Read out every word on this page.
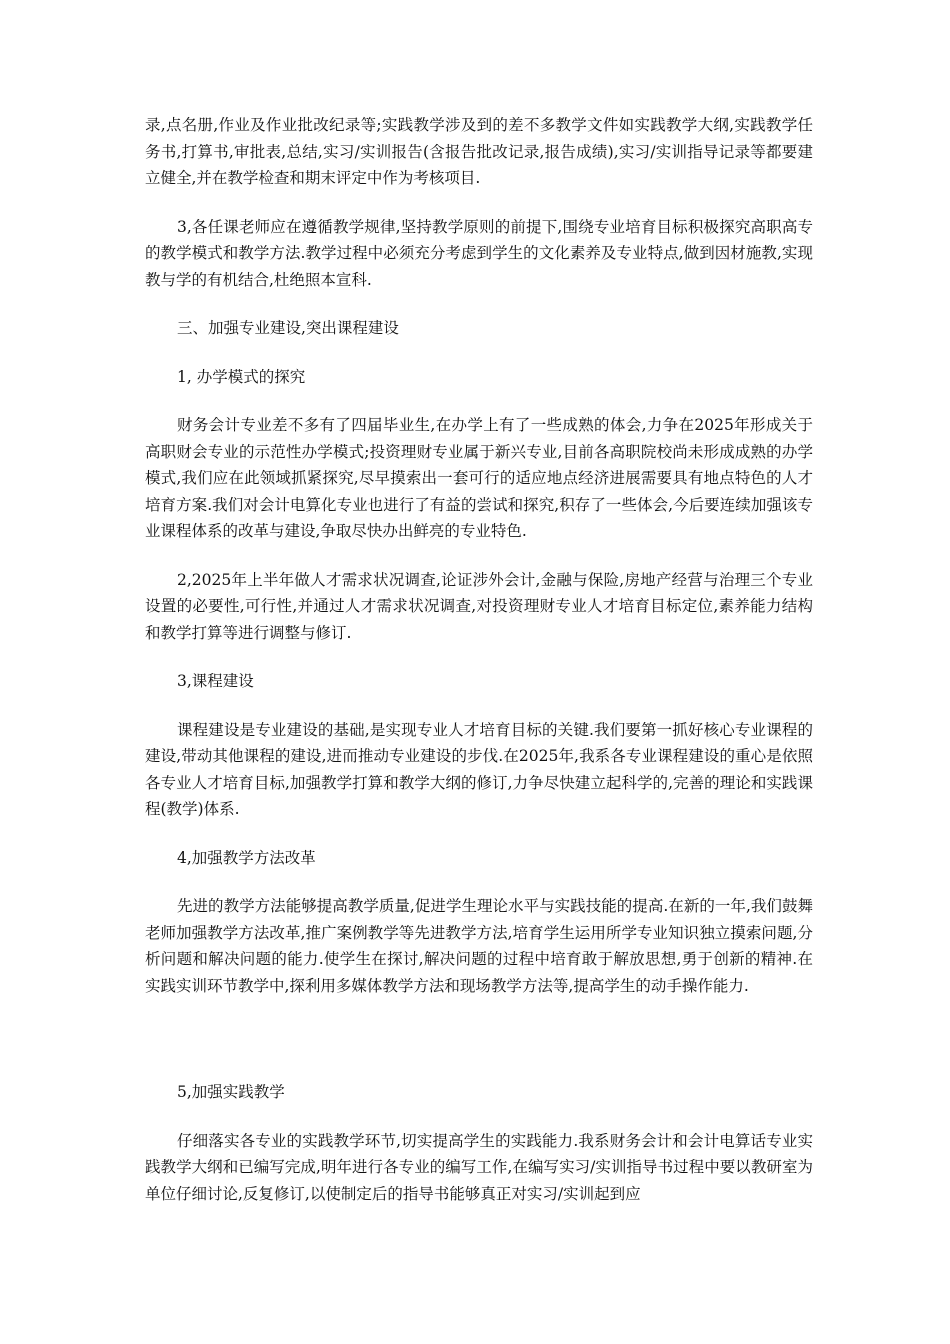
录,点名册,作业及作业批改纪录等;实践教学涉及到的差不多教学文件如实践教学大纲,实践教学任务书,打算书,审批表,总结,实习/实训报告(含报告批改记录,报告成绩),实习/实训指导记录等都要建立健全,并在教学检查和期末评定中作为考核项目.

3,各任课老师应在遵循教学规律,坚持教学原则的前提下,围绕专业培育目标积极探究高职高专的教学模式和教学方法.教学过程中必须充分考虑到学生的文化素养及专业特点,做到因材施教,实现教与学的有机结合,杜绝照本宣科.

三、加强专业建设,突出课程建设

1, 办学模式的探究

财务会计专业差不多有了四届毕业生,在办学上有了一些成熟的体会,力争在2025年形成关于高职财会专业的示范性办学模式;投资理财专业属于新兴专业,目前各高职院校尚未形成成熟的办学模式,我们应在此领域抓紧探究,尽早摸索出一套可行的适应地点经济进展需要具有地点特色的人才培育方案.我们对会计电算化专业也进行了有益的尝试和探究,积存了一些体会,今后要连续加强该专业课程体系的改革与建设,争取尽快办出鲜亮的专业特色.

2,2025年上半年做人才需求状况调查,论证涉外会计,金融与保险,房地产经营与治理三个专业设置的必要性,可行性,并通过人才需求状况调查,对投资理财专业人才培育目标定位,素养能力结构和教学打算等进行调整与修订.

3,课程建设

课程建设是专业建设的基础,是实现专业人才培育目标的关键.我们要第一抓好核心专业课程的建设,带动其他课程的建设,进而推动专业建设的步伐.在2025年,我系各专业课程建设的重心是依照各专业人才培育目标,加强教学打算和教学大纲的修订,力争尽快建立起科学的,完善的理论和实践课程(教学)体系.

4,加强教学方法改革

先进的教学方法能够提高教学质量,促进学生理论水平与实践技能的提高.在新的一年,我们鼓舞老师加强教学方法改革,推广案例教学等先进教学方法,培育学生运用所学专业知识独立摸索问题,分析问题和解决问题的能力.使学生在探讨,解决问题的过程中培育敢于解放思想,勇于创新的精神.在实践实训环节教学中,探利用多媒体教学方法和现场教学方法等,提高学生的动手操作能力.

5,加强实践教学

仔细落实各专业的实践教学环节,切实提高学生的实践能力.我系财务会计和会计电算话专业实践教学大纲和已编写完成,明年进行各专业的编写工作,在编写实习/实训指导书过程中要以教研室为单位仔细讨论,反复修订,以使制定后的指导书能够真正对实习/实训起到应
